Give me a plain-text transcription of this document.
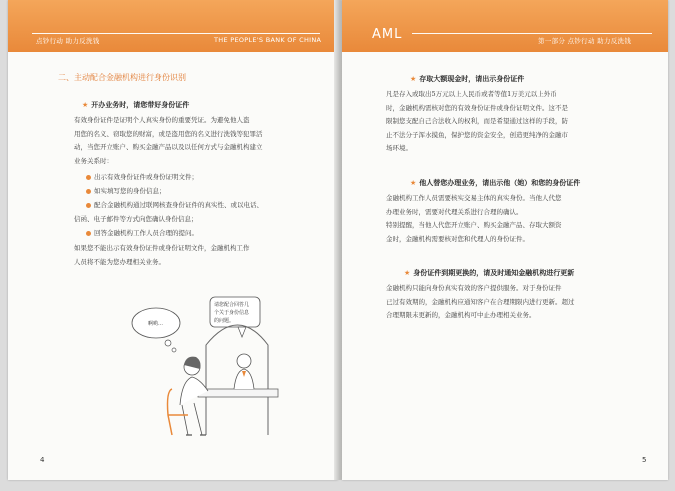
点钞行动 助力反洗钱	THE PEOPLE'S BANK OF CHINA
二、主动配合金融机构进行身份识别
★ 开办业务时，请您带好身份证件
有效身份证件是证明个人真实身份的重要凭证。为避免他人盗
用您的名义、窃取您的财富，或是盗用您的名义进行洗钱等犯罪活
动，当您开立账户、购买金融产品以及以任何方式与金融机构建立
业务关系时：
出示有效身份证件或身份证明文件；
如实填写您的身份信息；
配合金融机构通过联网核查身份证件的真实性、或以电话、
信函、电子邮件等方式向您确认身份信息；
回答金融机构工作人员合理的提问。
如果您不能出示有效身份证件或身份证明文件，金融机构工作
人员将不能为您办理相关业务。
啊哟…
请您配合回答几
个关于身份信息
的问题。
4
AML	第一部分 点钞行动 助力反洗钱
★ 存取大额现金时，请出示身份证件
凡是存入或取出5万元以上人民币或者等值1万美元以上外币
时，金融机构需核对您的有效身份证件或身份证明文件。这不是
限制您支配自己合法收入的权利，而是希望通过这样的手段，防
止不法分子浑水摸鱼，保护您的资金安全，创造更纯净的金融市
场环境。
★ 他人替您办理业务，请出示他（她）和您的身份证件
金融机构工作人员需要核实交易主体的真实身份。当他人代您
办理业务时，需要对代理关系进行合理的确认。
特别提醒，当他人代您开立账户、购买金融产品、存取大额资
金时，金融机构需要核对您和代理人的身份证件。
★ 身份证件到期更换的，请及时通知金融机构进行更新
金融机构只能向身份真实有效的客户提供服务。对于身份证件
已过有效期的，金融机构应通知客户在合理期限内进行更新。超过
合理期限未更新的，金融机构可中止办理相关业务。
5
